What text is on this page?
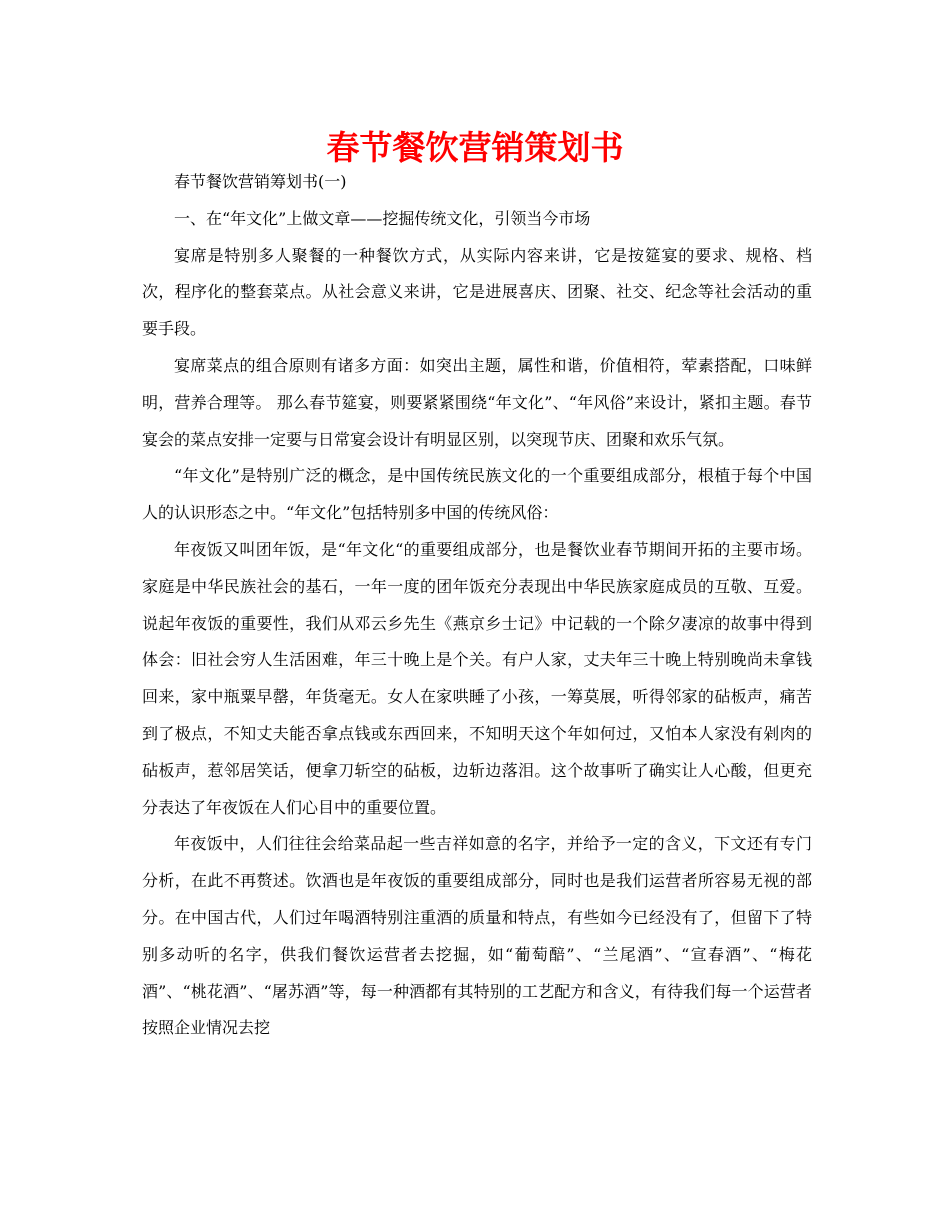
春节餐饮营销策划书

春节餐饮营销筹划书(一)

一、在“年文化”上做文章——挖掘传统文化，引领当今市场

宴席是特别多人聚餐的一种餐饮方式，从实际内容来讲，它是按筵宴的要求、规格、档次，程序化的整套菜点。从社会意义来讲，它是进展喜庆、团聚、社交、纪念等社会活动的重要手段。

宴席菜点的组合原则有诸多方面：如突出主题，属性和谐，价值相符，荤素搭配，口味鲜明，营养合理等。 那么春节筵宴，则要紧紧围绕“年文化”、“年风俗”来设计，紧扣主题。春节宴会的菜点安排一定要与日常宴会设计有明显区别，以突现节庆、团聚和欢乐气氛。

“年文化”是特别广泛的概念，是中国传统民族文化的一个重要组成部分，根植于每个中国人的认识形态之中。“年文化”包括特别多中国的传统风俗：

年夜饭又叫团年饭，是“年文化“的重要组成部分，也是餐饮业春节期间开拓的主要市场。家庭是中华民族社会的基石，一年一度的团年饭充分表现出中华民族家庭成员的互敬、互爱。说起年夜饭的重要性，我们从邓云乡先生《燕京乡士记》中记载的一个除夕凄凉的故事中得到体会：旧社会穷人生活困难，年三十晚上是个关。有户人家，丈夫年三十晚上特别晚尚未拿钱回来，家中瓶粟早罄，年货毫无。女人在家哄睡了小孩，一筹莫展，听得邻家的砧板声，痛苦到了极点，不知丈夫能否拿点钱或东西回来，不知明天这个年如何过，又怕本人家没有剁肉的砧板声，惹邻居笑话，便拿刀斩空的砧板，边斩边落泪。这个故事听了确实让人心酸，但更充分表达了年夜饭在人们心目中的重要位置。

年夜饭中，人们往往会给菜品起一些吉祥如意的名字，并给予一定的含义，下文还有专门分析，在此不再赘述。饮酒也是年夜饭的重要组成部分，同时也是我们运营者所容易无视的部分。在中国古代，人们过年喝酒特别注重酒的质量和特点，有些如今已经没有了，但留下了特别多动听的名字，供我们餐饮运营者去挖掘，如“葡萄醅”、“兰尾酒”、“宣春酒”、“梅花酒”、“桃花酒”、“屠苏酒”等，每一种酒都有其特别的工艺配方和含义，有待我们每一个运营者按照企业情况去挖
